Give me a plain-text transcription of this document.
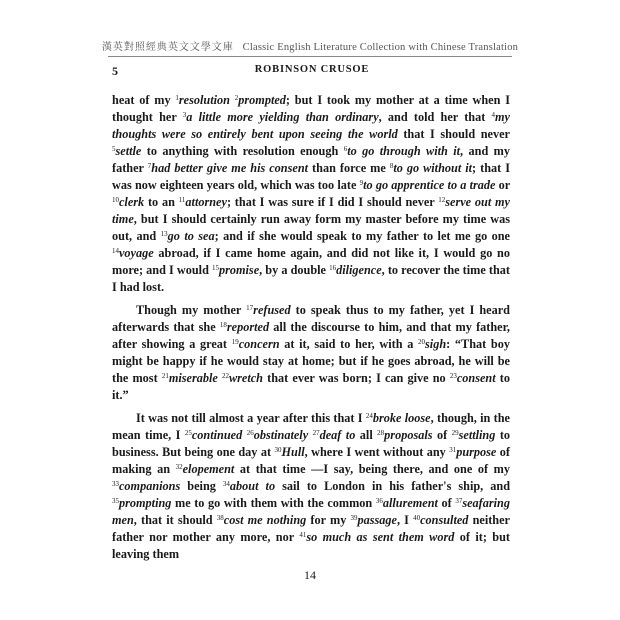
漢英對照經典英文文學文庫 Classic English Literature Collection with Chinese Translation
5	ROBINSON CRUSOE

heat of my $^1$resolution $^2$prompted; but I took my mother at a time when I thought her $^3$a little more yielding than ordinary, and told her that $^4$my thoughts were so entirely bent upon seeing the world that I should never $^5$settle to anything with resolution enough $^6$to go through with it, and my father $^7$had better give me his consent than force me $^8$to go without it; that I was now eighteen years old, which was too late $^9$to go apprentice to a trade or $^{10}$clerk to an $^{11}$attorney; that I was sure if I did I should never $^{12}$serve out my time, but I should certainly run away form my master before my time was out, and $^{13}$go to sea; and if she would speak to my father to let me go one $^{14}$voyage abroad, if I came home again, and did not like it, I would go no more; and I would $^{15}$promise, by a double $^{16}$diligence, to recover the time that I had lost.

Though my mother $^{17}$refused to speak thus to my father, yet I heard afterwards that she $^{18}$reported all the discourse to him, and that my father, after showing a great $^{19}$concern at it, said to her, with a $^{20}$sigh: “That boy might be happy if he would stay at home; but if he goes abroad, he will be the most $^{21}$miserable $^{22}$wretch that ever was born; I can give no $^{23}$consent to it.”

It was not till almost a year after this that I $^{24}$broke loose, though, in the mean time, I $^{25}$continued $^{26}$obstinately $^{27}$deaf to all $^{28}$proposals of $^{29}$settling to business. But being one day at $^{30}$Hull, where I went without any $^{31}$purpose of making an $^{32}$elopement at that time —I say, being there, and one of my $^{33}$companions being $^{34}$about to sail to London in his father's ship, and $^{35}$prompting me to go with them with the common $^{36}$allurement of $^{37}$seafaring men, that it should $^{38}$cost me nothing for my $^{39}$passage, I $^{40}$consulted neither father nor mother any more, nor $^{41}$so much as sent them word of it; but leaving them

14
